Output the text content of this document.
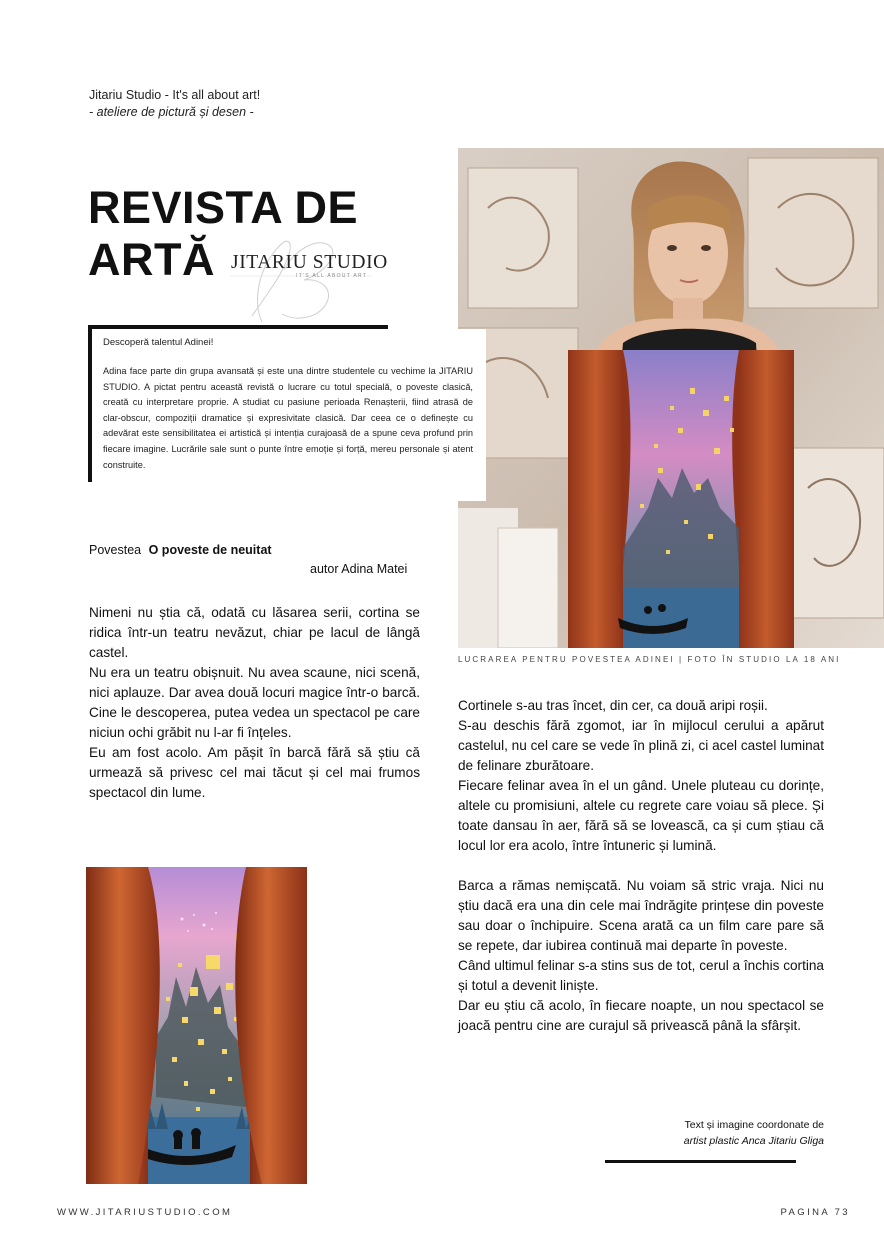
Jitariu Studio - It's all about art!
- ateliere de pictură și desen -
REVISTA DE
ARTĂ JITARIU STUDIO
IT'S ALL ABOUT ART
Descoperă talentul Adinei!
Adina face parte din grupa avansată și este una dintre studentele cu vechime la JITARIU STUDIO. A pictat pentru această revistă o lucrare cu totul specială, o poveste clasică, creată cu interpretare proprie. A studiat cu pasiune perioada Renașterii, fiind atrasă de clar-obscur, compoziții dramatice și expresivitate clasică. Dar ceea ce o definește cu adevărat este sensibilitatea ei artistică și intenția curajoasă de a spune ceva profund prin fiecare imagine. Lucrările sale sunt o punte între emoție și forță, mereu personale și atent construite.
LUCRAREA PENTRU POVESTEA ADINEI | FOTO ÎN STUDIO LA 18 ANI
Povestea O poveste de neuitat
autor Adina Matei

Nimeni nu știa că, odată cu lăsarea serii, cortina se ridica într-un teatru nevăzut, chiar pe lacul de lângă castel.

Nu era un teatru obișnuit. Nu avea scaune, nici scenă, nici aplauze. Dar avea două locuri magice într-o barcă. Cine le descoperea, putea vedea un spectacol pe care niciun ochi grăbit nu l-ar fi înțeles.

Eu am fost acolo. Am pășit în barcă fără să știu că urmează să privesc cel mai tăcut și cel mai frumos spectacol din lume.

Cortinele s-au tras încet, din cer, ca două aripi roșii.

S-au deschis fără zgomot, iar în mijlocul cerului a apărut castelul, nu cel care se vede în plină zi, ci acel castel luminat de felinare zburătoare.

Fiecare felinar avea în el un gând. Unele pluteau cu dorințe, altele cu promisiuni, altele cu regrete care voiau să plece. Și toate dansau în aer, fără să se lovească, ca și cum știau că locul lor era acolo, între întuneric și lumină.

Barca a rămas nemișcată. Nu voiam să stric vraja. Nici nu știu dacă era una din cele mai îndrăgite prințese din poveste sau doar o închipuire. Scena arată ca un film care pare să se repete, dar iubirea continuă mai departe în poveste.

Când ultimul felinar s-a stins sus de tot, cerul a închis cortina și totul a devenit liniște.

Dar eu știu că acolo, în fiecare noapte, un nou spectacol se joacă pentru cine are curajul să privească până la sfârșit.

Text și imagine coordonate de
artist plastic Anca Jitariu Gliga
WWW.JITARIUSTUDIO.COM	PAGINA 73
